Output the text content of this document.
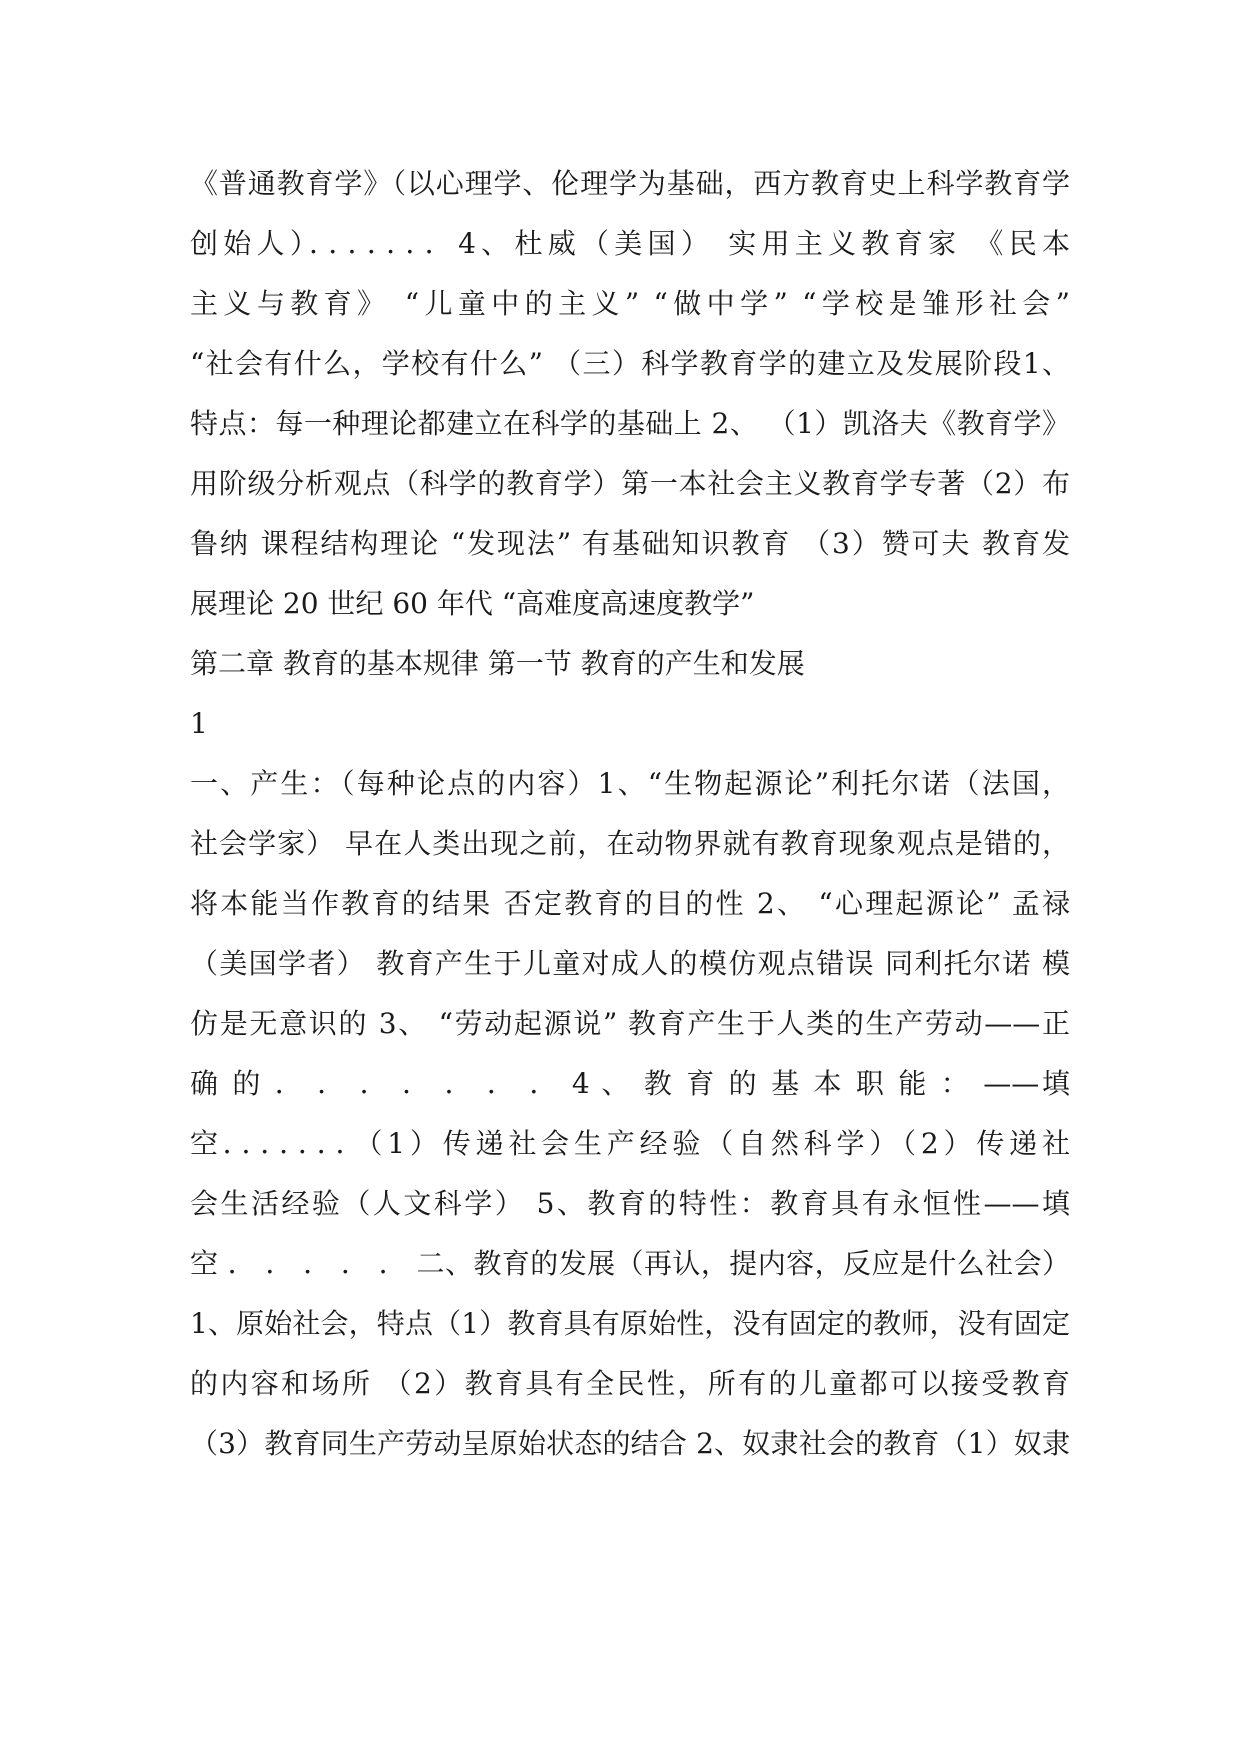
《普通教育学》（以心理学、伦理学为基础，西方教育史上科学教育学
创始人）．．．．．．．4、杜威（美国） 实用主义教育家 《民本
主义与教育》 “儿童中的主义” “做中学” “学校是雏形社会”
“社会有什么，学校有什么” （三）科学教育学的建立及发展阶段1、
特点：每一种理论都建立在科学的基础上 2、 （1）凯洛夫《教育学》
用阶级分析观点（科学的教育学）第一本社会主义教育学专著（2）布
鲁纳 课程结构理论 “发现法” 有基础知识教育 （3）赞可夫 教育发
展理论 20 世纪 60 年代 “高难度高速度教学”
第二章 教育的基本规律 第一节 教育的产生和发展
1
一、产生：（每种论点的内容）1、“生物起源论”利托尔诺（法国，
社会学家） 早在人类出现之前，在动物界就有教育现象观点是错的，
将本能当作教育的结果 否定教育的目的性 2、 “心理起源论” 孟禄
（美国学者） 教育产生于儿童对成人的模仿观点错误 同利托尔诺 模
仿是无意识的 3、 “劳动起源说” 教育产生于人类的生产劳动——正
确 的 ． ． ． ． ． ． ． 4 、 教 育 的 基 本 职 能 ： ——填
空．．．．．．．（1）传递社会生产经验（自然科学）（2）传递社
会生活经验（人文科学） 5、教育的特性：教育具有永恒性——填
空 ． ． ． ． ． 二、教育的发展（再认，提内容，反应是什么社会）
1、原始社会，特点（1）教育具有原始性，没有固定的教师，没有固定
的内容和场所 （2）教育具有全民性，所有的儿童都可以接受教育
（3）教育同生产劳动呈原始状态的结合 2、奴隶社会的教育（1）奴隶
